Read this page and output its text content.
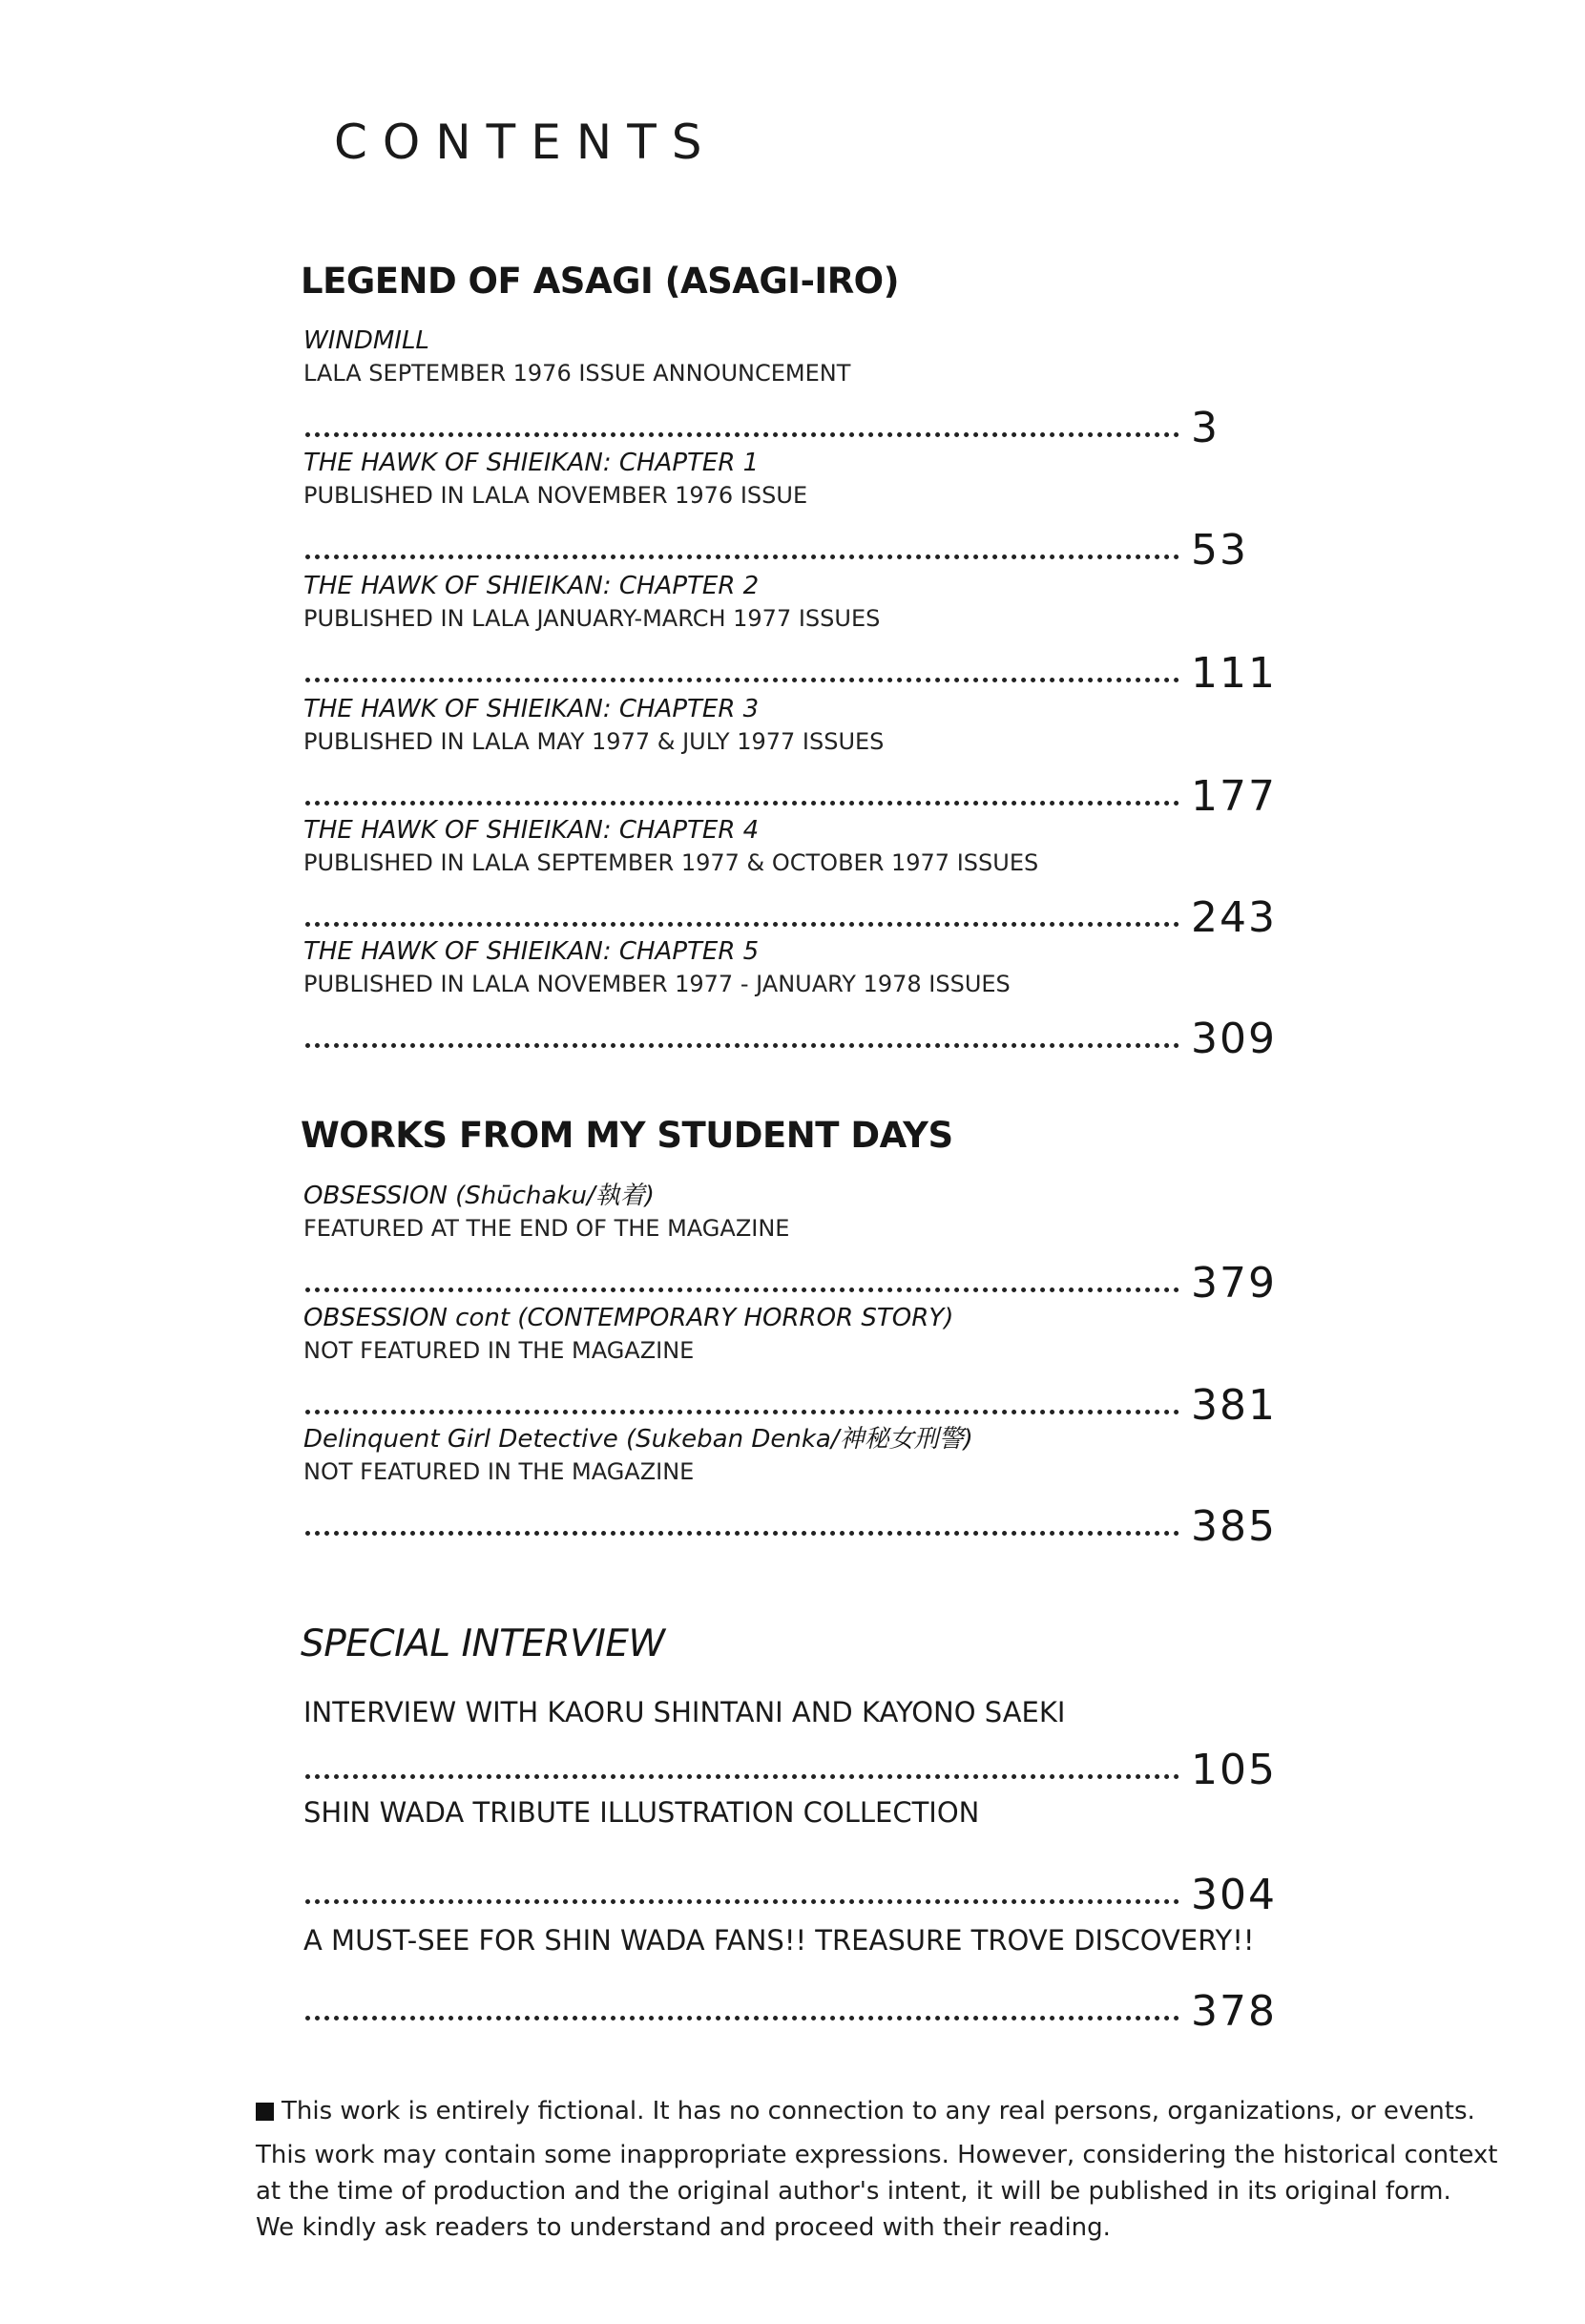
CONTENTS
LEGEND OF ASAGI (ASAGI-IRO)
WINDMILL
LALA SEPTEMBER 1976 ISSUE ANNOUNCEMENT
3
THE HAWK OF SHIEIKAN: CHAPTER 1
PUBLISHED IN LALA NOVEMBER 1976 ISSUE
53
THE HAWK OF SHIEIKAN: CHAPTER 2
PUBLISHED IN LALA JANUARY-MARCH 1977 ISSUES
111
THE HAWK OF SHIEIKAN: CHAPTER 3
PUBLISHED IN LALA MAY 1977 & JULY 1977 ISSUES
177
THE HAWK OF SHIEIKAN: CHAPTER 4
PUBLISHED IN LALA SEPTEMBER 1977 & OCTOBER 1977 ISSUES
243
THE HAWK OF SHIEIKAN: CHAPTER 5
PUBLISHED IN LALA NOVEMBER 1977 - JANUARY 1978 ISSUES
309
WORKS FROM MY STUDENT DAYS
OBSESSION (Shūchaku/執着)
FEATURED AT THE END OF THE MAGAZINE
379
OBSESSION cont (CONTEMPORARY HORROR STORY)
NOT FEATURED IN THE MAGAZINE
381
Delinquent Girl Detective (Sukeban Denka/神秘女刑警)
NOT FEATURED IN THE MAGAZINE
385
SPECIAL INTERVIEW
INTERVIEW WITH KAORU SHINTANI AND KAYONO SAEKI
105
SHIN WADA TRIBUTE ILLUSTRATION COLLECTION
304
A MUST-SEE FOR SHIN WADA FANS!! TREASURE TROVE DISCOVERY!!
378
This work is entirely fictional. It has no connection to any real persons, organizations, or events.
This work may contain some inappropriate expressions. However, considering the historical context
at the time of production and the original author's intent, it will be published in its original form.
We kindly ask readers to understand and proceed with their reading.
